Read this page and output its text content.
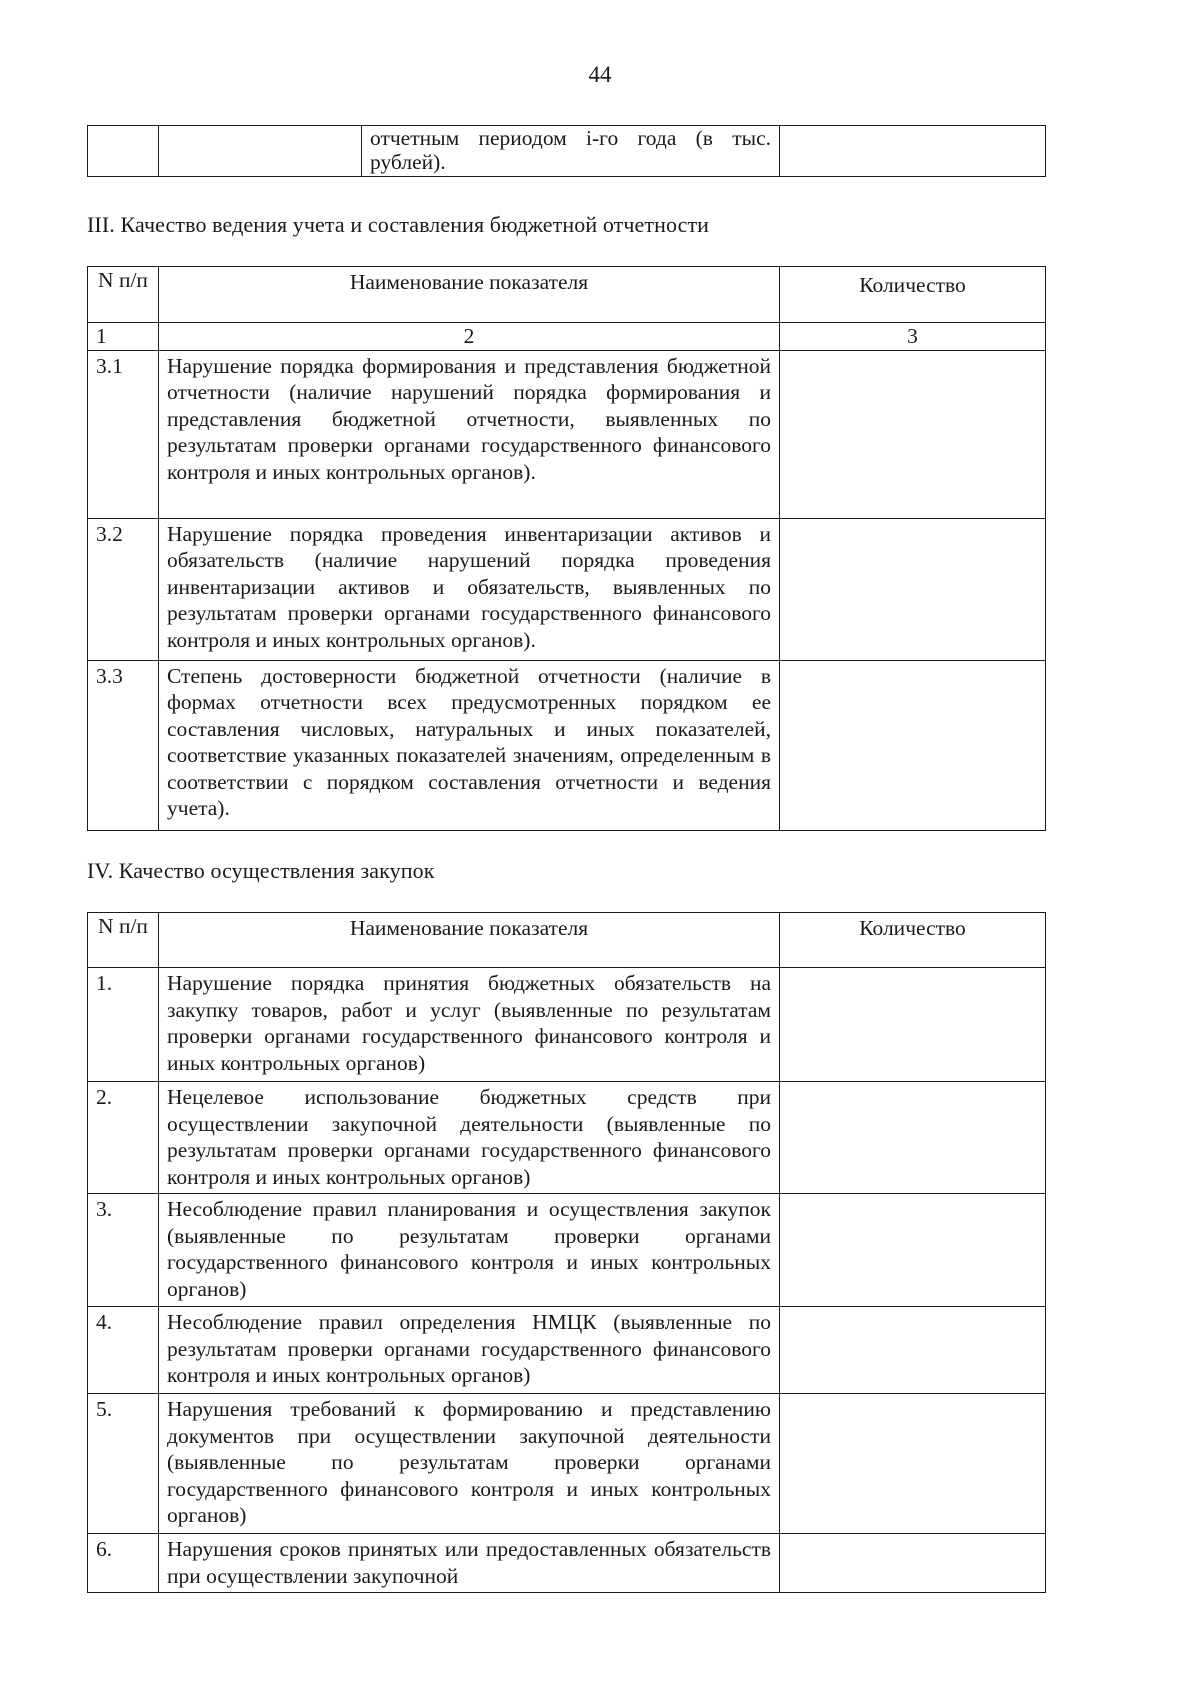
44
		отчетным периодом i-го года (в тыс. рублей).	
III. Качество ведения учета и составления бюджетной отчетности
N п/п	Наименование показателя	Количество
1	2	3
3.1	Нарушение порядка формирования и представления бюджетной отчетности (наличие нарушений порядка формирования и представления бюджетной отчетности, выявленных по результатам проверки органами государственного финансового контроля и иных контрольных органов).	
3.2	Нарушение порядка проведения инвентаризации активов и обязательств (наличие нарушений порядка проведения инвентаризации активов и обязательств, выявленных по результатам проверки органами государственного финансового контроля и иных контрольных органов).	
3.3	Степень достоверности бюджетной отчетности (наличие в формах отчетности всех предусмотренных порядком ее составления числовых, натуральных и иных показателей, соответствие указанных показателей значениям, определенным в соответствии с порядком составления отчетности и ведения учета).	
IV. Качество осуществления закупок
N п/п	Наименование показателя	Количество
1.	Нарушение порядка принятия бюджетных обязательств на закупку товаров, работ и услуг (выявленные по результатам проверки органами государственного финансового контроля и иных контрольных органов)	
2.	Нецелевое использование бюджетных средств при осуществлении закупочной деятельности (выявленные по результатам проверки органами государственного финансового контроля и иных контрольных органов)	
3.	Несоблюдение правил планирования и осуществления закупок (выявленные по результатам проверки органами государственного финансового контроля и иных контрольных органов)	
4.	Несоблюдение правил определения НМЦК (выявленные по результатам проверки органами государственного финансового контроля и иных контрольных органов)	
5.	Нарушения требований к формированию и представлению документов при осуществлении закупочной деятельности (выявленные по результатам проверки органами государственного финансового контроля и иных контрольных органов)	
6.	Нарушения сроков принятых или предоставленных обязательств при осуществлении закупочной	
